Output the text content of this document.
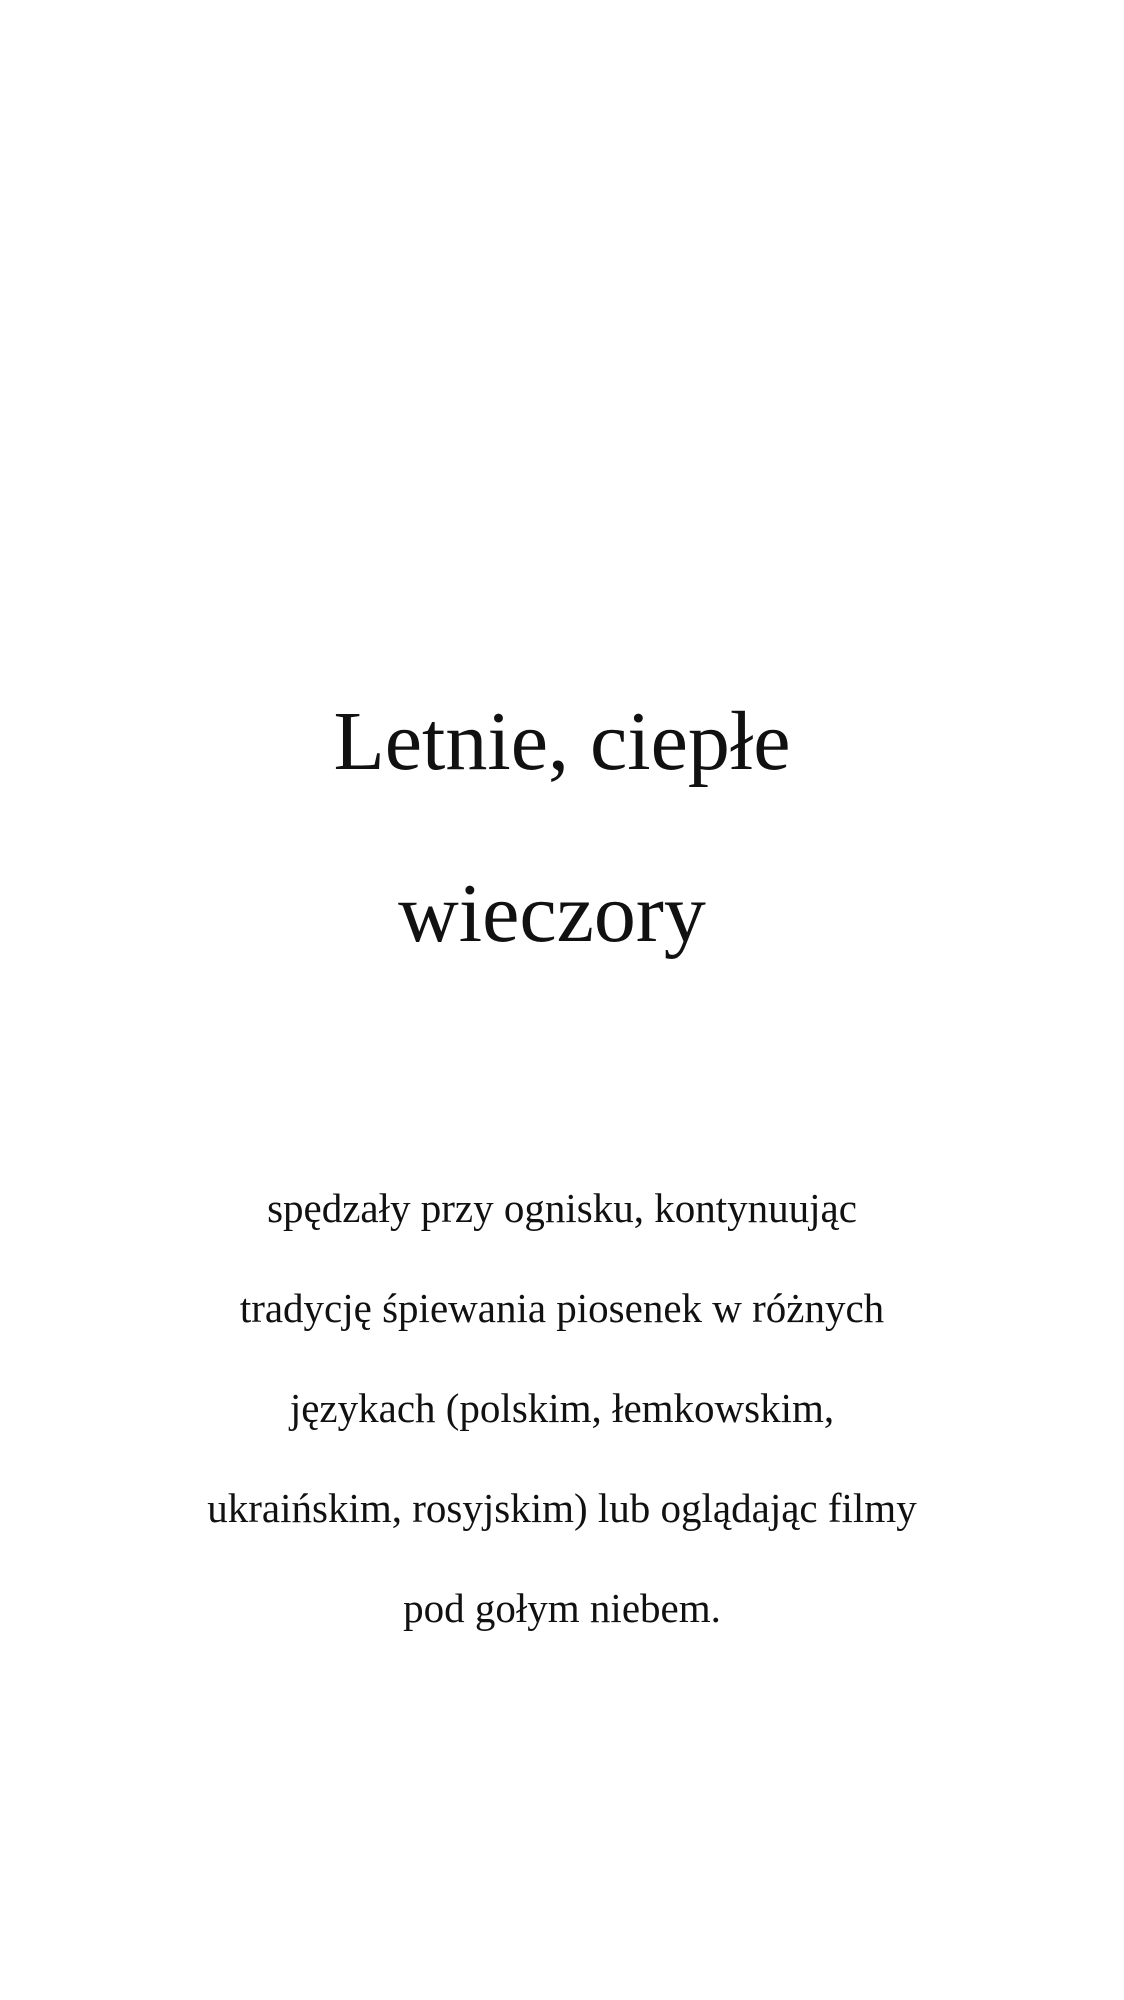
Letnie, ciepłe
wieczory
spędzały przy ognisku, kontynuując
tradycję śpiewania piosenek w różnych
językach (polskim, łemkowskim,
ukraińskim, rosyjskim) lub oglądając filmy
pod gołym niebem.
